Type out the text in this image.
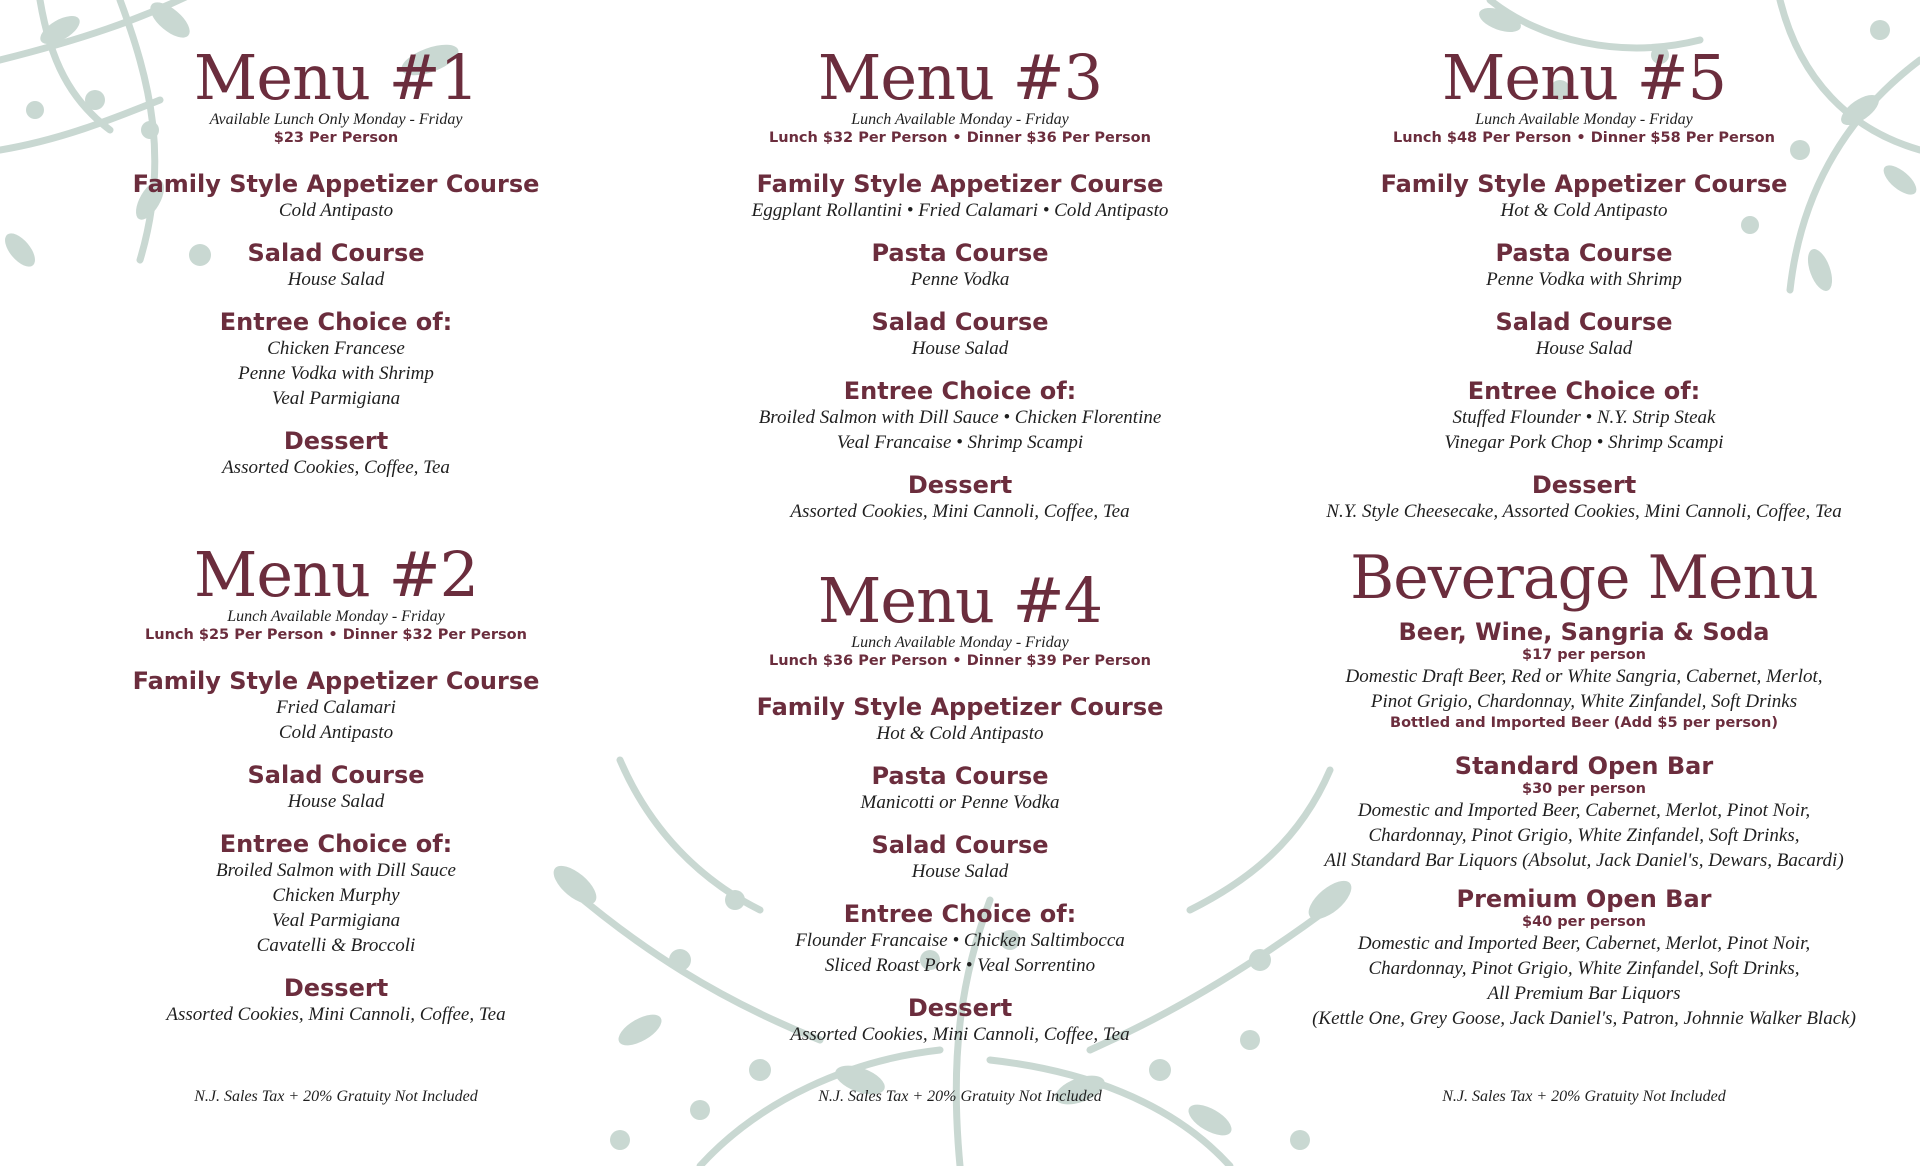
Menu #1
Available Lunch Only Monday - Friday
$23 Per Person
Family Style Appetizer Course
Cold Antipasto
Salad Course
House Salad
Entree Choice of:
Chicken Francese
Penne Vodka with Shrimp
Veal Parmigiana
Dessert
Assorted Cookies, Coffee, Tea
Menu #2
Lunch Available Monday - Friday
Lunch $25 Per Person • Dinner $32 Per Person
Family Style Appetizer Course
Fried Calamari
Cold Antipasto
Salad Course
House Salad
Entree Choice of:
Broiled Salmon with Dill Sauce
Chicken Murphy
Veal Parmigiana
Cavatelli & Broccoli
Dessert
Assorted Cookies, Mini Cannoli, Coffee, Tea
N.J. Sales Tax + 20% Gratuity Not Included
Menu #3
Lunch Available Monday - Friday
Lunch $32 Per Person • Dinner $36 Per Person
Family Style Appetizer Course
Eggplant Rollantini • Fried Calamari • Cold Antipasto
Pasta Course
Penne Vodka
Salad Course
House Salad
Entree Choice of:
Broiled Salmon with Dill Sauce • Chicken Florentine
Veal Francaise • Shrimp Scampi
Dessert
Assorted Cookies, Mini Cannoli, Coffee, Tea
Menu #4
Lunch Available Monday - Friday
Lunch $36 Per Person • Dinner $39 Per Person
Family Style Appetizer Course
Hot & Cold Antipasto
Pasta Course
Manicotti or Penne Vodka
Salad Course
House Salad
Entree Choice of:
Flounder Francaise • Chicken Saltimbocca
Sliced Roast Pork • Veal Sorrentino
Dessert
Assorted Cookies, Mini Cannoli, Coffee, Tea
N.J. Sales Tax + 20% Gratuity Not Included
Menu #5
Lunch Available Monday - Friday
Lunch $48 Per Person • Dinner $58 Per Person
Family Style Appetizer Course
Hot & Cold Antipasto
Pasta Course
Penne Vodka with Shrimp
Salad Course
House Salad
Entree Choice of:
Stuffed Flounder • N.Y. Strip Steak
Vinegar Pork Chop • Shrimp Scampi
Dessert
N.Y. Style Cheesecake, Assorted Cookies, Mini Cannoli, Coffee, Tea
Beverage Menu
Beer, Wine, Sangria & Soda
$17 per person
Domestic Draft Beer, Red or White Sangria, Cabernet, Merlot,
Pinot Grigio, Chardonnay, White Zinfandel, Soft Drinks
Bottled and Imported Beer (Add $5 per person)
Standard Open Bar
$30 per person
Domestic and Imported Beer, Cabernet, Merlot, Pinot Noir,
Chardonnay, Pinot Grigio, White Zinfandel, Soft Drinks,
All Standard Bar Liquors (Absolut, Jack Daniel's, Dewars, Bacardi)
Premium Open Bar
$40 per person
Domestic and Imported Beer, Cabernet, Merlot, Pinot Noir,
Chardonnay, Pinot Grigio, White Zinfandel, Soft Drinks,
All Premium Bar Liquors
(Kettle One, Grey Goose, Jack Daniel's, Patron, Johnnie Walker Black)
N.J. Sales Tax + 20% Gratuity Not Included
